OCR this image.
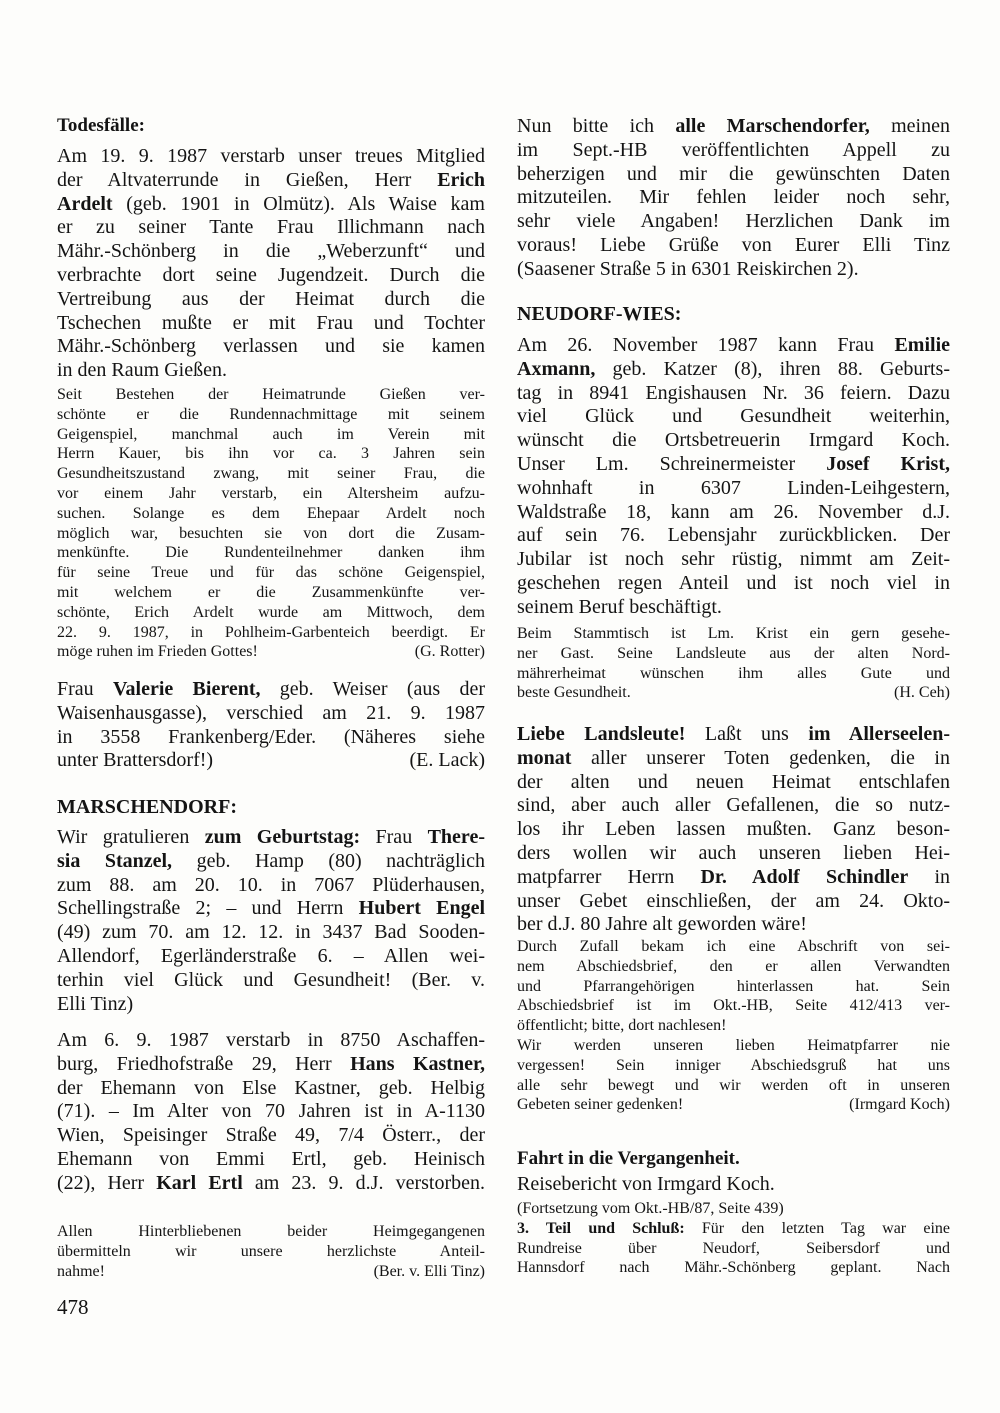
Todesfälle:
Am 19. 9. 1987 verstarb unser treues Mitglied
der Altvaterrunde in Gießen, Herr Erich
Ardelt (geb. 1901 in Olmütz). Als Waise kam
er zu seiner Tante Frau Illichmann nach
Mähr.-Schönberg in die „Weberzunft“ und
verbrachte dort seine Jugendzeit. Durch die
Vertreibung aus der Heimat durch die
Tschechen mußte er mit Frau und Tochter
Mähr.-Schönberg verlassen und sie kamen
in den Raum Gießen.
Seit Bestehen der Heimatrunde Gießen ver-
schönte er die Rundennachmittage mit seinem
Geigenspiel, manchmal auch im Verein mit
Herrn Kauer, bis ihn vor ca. 3 Jahren sein
Gesundheitszustand zwang, mit seiner Frau, die
vor einem Jahr verstarb, ein Altersheim aufzu-
suchen. Solange es dem Ehepaar Ardelt noch
möglich war, besuchten sie von dort die Zusam-
menkünfte. Die Rundenteilnehmer danken ihm
für seine Treue und für das schöne Geigenspiel,
mit welchem er die Zusammenkünfte ver-
schönte, Erich Ardelt wurde am Mittwoch, dem
22. 9. 1987, in Pohlheim-Garbenteich beerdigt. Er
(G. Rotter)
möge ruhen im Frieden Gottes!
Frau Valerie Bierent, geb. Weiser (aus der
Waisenhausgasse), verschied am 21. 9. 1987
in 3558 Frankenberg/Eder. (Näheres siehe
(E. Lack)
unter Brattersdorf!)
MARSCHENDORF:
Wir gratulieren zum Geburtstag: Frau There-
sia Stanzel, geb. Hamp (80) nachträglich
zum 88. am 20. 10. in 7067 Plüderhausen,
Schellingstraße 2; – und Herrn Hubert Engel
(49) zum 70. am 12. 12. in 3437 Bad Sooden-
Allendorf, Egerländerstraße 6. – Allen wei-
terhin viel Glück und Gesundheit! (Ber. v.
Elli Tinz)
Am 6. 9. 1987 verstarb in 8750 Aschaffen-
burg, Friedhofstraße 29, Herr Hans Kastner,
der Ehemann von Else Kastner, geb. Helbig
(71). – Im Alter von 70 Jahren ist in A-1130
Wien, Speisinger Straße 49, 7/4 Österr., der
Ehemann von Emmi Ertl, geb. Heinisch
(22), Herr Karl Ertl am 23. 9. d.J. verstorben.
Allen Hinterbliebenen beider Heimgegangenen
übermitteln wir unsere herzlichste Anteil-
(Ber. v. Elli Tinz)
nahme!
478
Nun bitte ich alle Marschendorfer, meinen
im Sept.-HB veröffentlichten Appell zu
beherzigen und mir die gewünschten Daten
mitzuteilen. Mir fehlen leider noch sehr,
sehr viele Angaben! Herzlichen Dank im
voraus! Liebe Grüße von Eurer Elli Tinz
(Saasener Straße 5 in 6301 Reiskirchen 2).
NEUDORF-WIES:
Am 26. November 1987 kann Frau Emilie
Axmann, geb. Katzer (8), ihren 88. Geburts-
tag in 8941 Engishausen Nr. 36 feiern. Dazu
viel Glück und Gesundheit weiterhin,
wünscht die Ortsbetreuerin Irmgard Koch.
Unser Lm. Schreinermeister Josef Krist,
wohnhaft in 6307 Linden-Leihgestern,
Waldstraße 18, kann am 26. November d.J.
auf sein 76. Lebensjahr zurückblicken. Der
Jubilar ist noch sehr rüstig, nimmt am Zeit-
geschehen regen Anteil und ist noch viel in
seinem Beruf beschäftigt.
Beim Stammtisch ist Lm. Krist ein gern gesehe-
ner Gast. Seine Landsleute aus der alten Nord-
mährerheimat wünschen ihm alles Gute und
(H. Ceh)
beste Gesundheit.
Liebe Landsleute! Laßt uns im Allerseelen-
monat aller unserer Toten gedenken, die in
der alten und neuen Heimat entschlafen
sind, aber auch aller Gefallenen, die so nutz-
los ihr Leben lassen mußten. Ganz beson-
ders wollen wir auch unseren lieben Hei-
matpfarrer Herrn Dr. Adolf Schindler in
unser Gebet einschließen, der am 24. Okto-
ber d.J. 80 Jahre alt geworden wäre!
Durch Zufall bekam ich eine Abschrift von sei-
nem Abschiedsbrief, den er allen Verwandten
und Pfarrangehörigen hinterlassen hat. Sein
Abschiedsbrief ist im Okt.-HB, Seite 412/413 ver-
öffentlicht; bitte, dort nachlesen!
Wir werden unseren lieben Heimatpfarrer nie
vergessen! Sein inniger Abschiedsgruß hat uns
alle sehr bewegt und wir werden oft in unseren
(Irmgard Koch)
Gebeten seiner gedenken!
Fahrt in die Vergangenheit.
Reisebericht von Irmgard Koch.
(Fortsetzung vom Okt.-HB/87, Seite 439)
3. Teil und Schluß: Für den letzten Tag war eine
Rundreise über Neudorf, Seibersdorf und
Hannsdorf nach Mähr.-Schönberg geplant. Nach
